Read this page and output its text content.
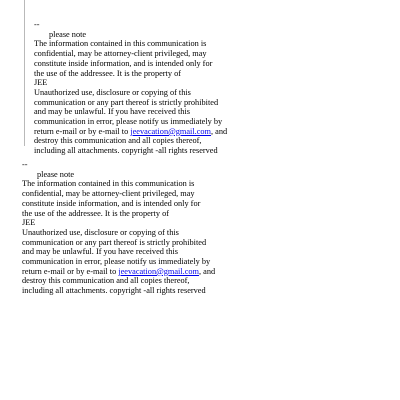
--
please note
The information contained in this communication is
confidential, may be attorney-client privileged, may
constitute inside information, and is intended only for
the use of the addressee. It is the property of
JEE
Unauthorized use, disclosure or copying of this
communication or any part thereof is strictly prohibited
and may be unlawful. If you have received this
communication in error, please notify us immediately by
return e-mail or by e-mail to jeevacation@gmail.com, and
destroy this communication and all copies thereof,
including all attachments. copyright -all rights reserved
--
please note
The information contained in this communication is
confidential, may be attorney-client privileged, may
constitute inside information, and is intended only for
the use of the addressee. It is the property of
JEE
Unauthorized use, disclosure or copying of this
communication or any part thereof is strictly prohibited
and may be unlawful. If you have received this
communication in error, please notify us immediately by
return e-mail or by e-mail to jeevacation@gmail.com, and
destroy this communication and all copies thereof,
including all attachments. copyright -all rights reserved
